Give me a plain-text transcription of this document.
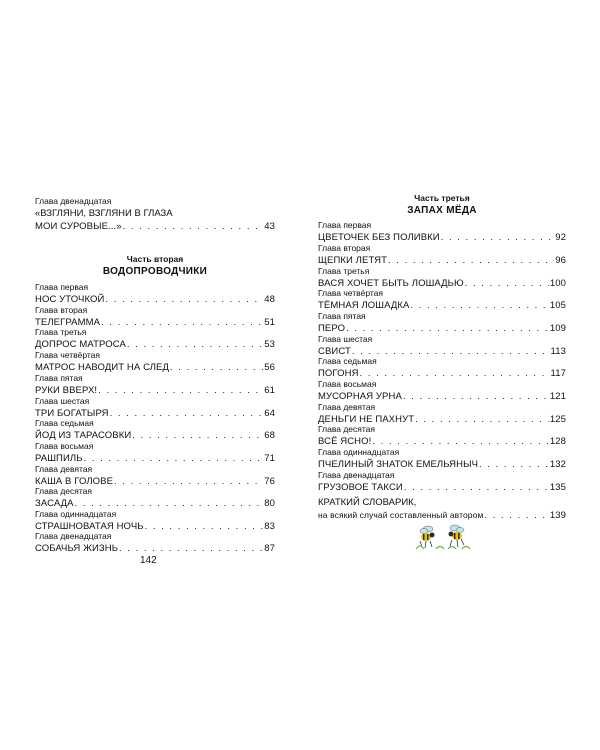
Глава двенадцатая
«ВЗГЛЯНИ, ВЗГЛЯНИ В ГЛАЗА
МОИ СУРОВЫЕ...» . . .	43
Часть вторая
ВОДОПРОВОДЧИКИ
Глава первая
НОС УТОЧКОЙ . . .	48
Глава вторая
ТЕЛЕГРАММА . . .	51
Глава третья
ДОПРОС МАТРОСА . . .	53
Глава четвёртая
МАТРОС НАВОДИТ НА СЛЕД . . .	56
Глава пятая
РУКИ ВВЕРХ! . . .	61
Глава шестая
ТРИ БОГАТЫРЯ . . .	64
Глава седьмая
ЙОД ИЗ ТАРАСОВКИ . . .	68
Глава восьмая
РАШПИЛЬ . . .	71
Глава девятая
КАША В ГОЛОВЕ . . .	76
Глава десятая
ЗАСАДА . . .	80
Глава одиннадцатая
СТРАШНОВАТАЯ НОЧЬ . . .	83
Глава двенадцатая
СОБАЧЬЯ ЖИЗНЬ . . .	87
142
Часть третья
ЗАПАХ МЁДА
Глава первая
ЦВЕТОЧЕК БЕЗ ПОЛИВКИ . . .	92
Глава вторая
ЩЕПКИ ЛЕТЯТ . . .	96
Глава третья
ВАСЯ ХОЧЕТ БЫТЬ ЛОШАДЬЮ . . .	100
Глава четвёртая
ТЁМНАЯ ЛОШАДКА . . .	105
Глава пятая
ПЕРО . . .	109
Глава шестая
СВИСТ . . .	113
Глава седьмая
ПОГОНЯ . . .	117
Глава восьмая
МУСОРНАЯ УРНА . . .	121
Глава девятая
ДЕНЬГИ НЕ ПАХНУТ . . .	125
Глава десятая
ВСЁ ЯСНО! . . .	128
Глава одиннадцатая
ПЧЕЛИНЫЙ ЗНАТОК ЕМЕЛЬЯНЫЧ . . .	132
Глава двенадцатая
ГРУЗОВОЕ ТАКСИ . . .	135
КРАТКИЙ СЛОВАРИК,
на всякий случай составленный автором . . .	139
